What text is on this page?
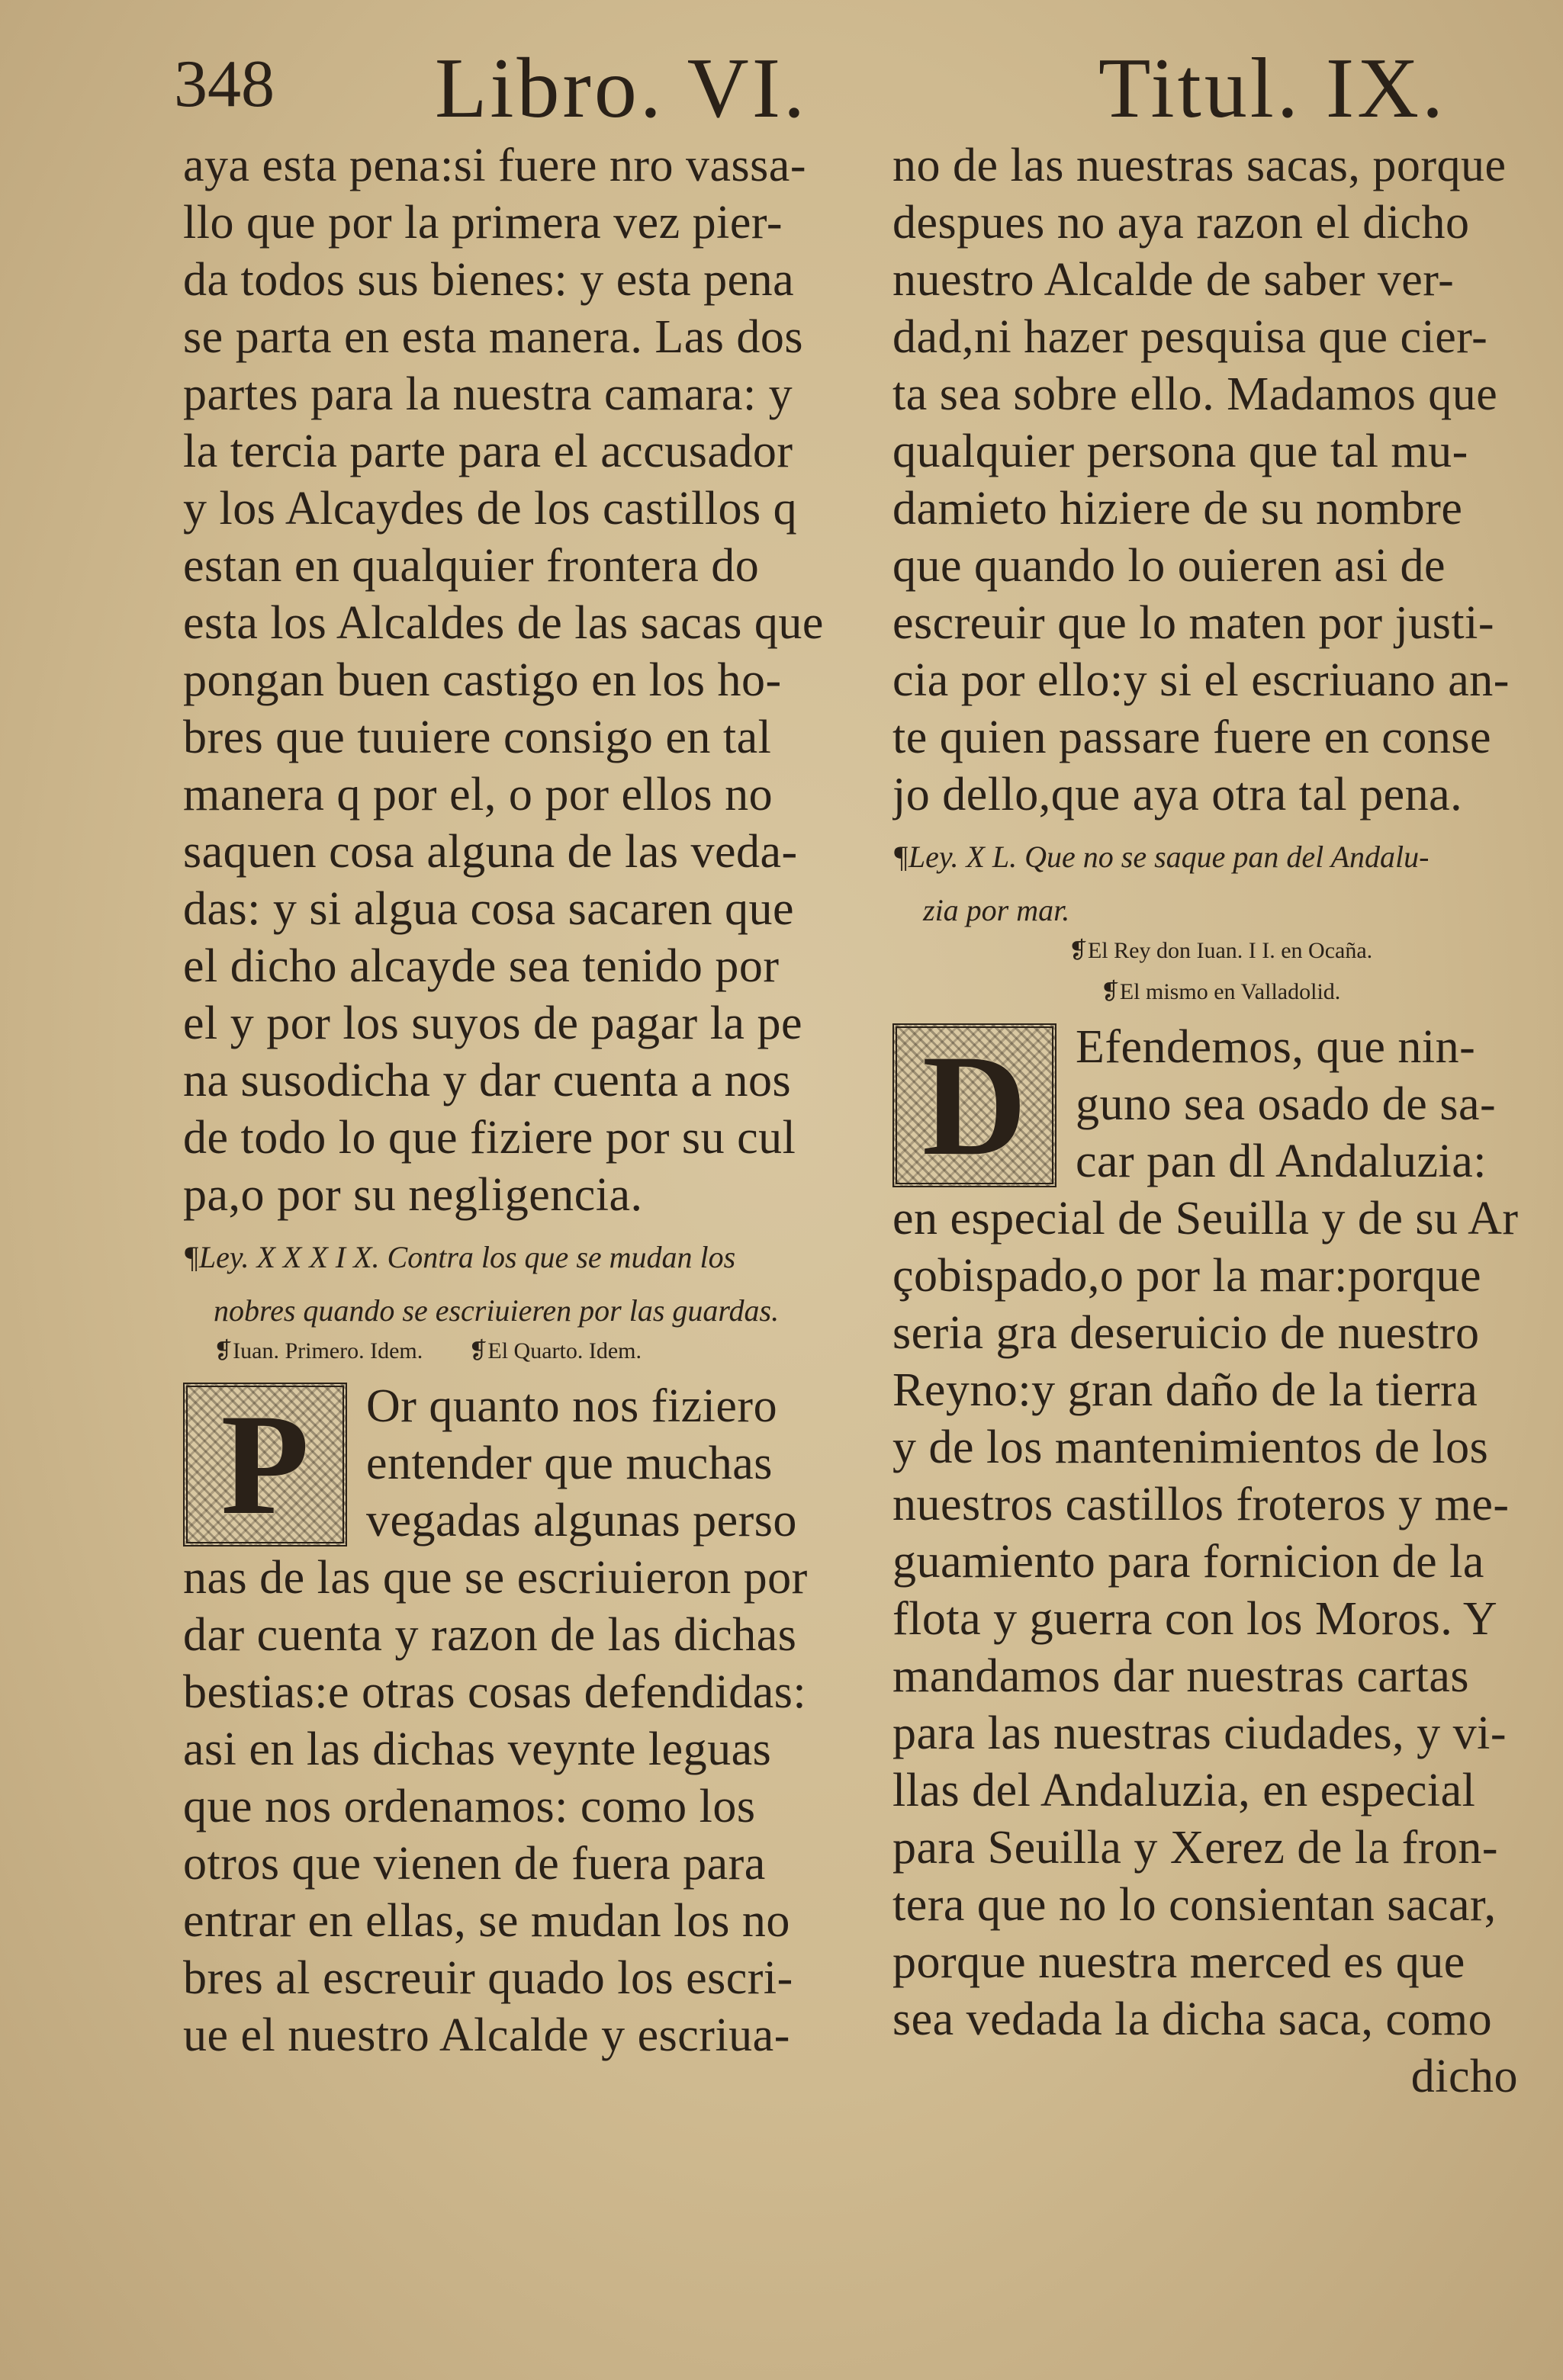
348 Libro. VI.	Titul. IX.
aya esta pena:si fuere nro vassa-
llo que por la primera vez pier-
da todos sus bienes: y esta pena
se parta en esta manera. Las dos
partes para la nuestra camara: y
la tercia parte para el accusador
y los Alcaydes de los castillos q
estan en qualquier frontera do
esta los Alcaldes de las sacas que
pongan buen castigo en los ho-
bres que tuuiere consigo en tal
manera q por el, o por ellos no
saquen cosa alguna de las veda-
das: y si algua cosa sacaren que
el dicho alcayde sea tenido por
el y por los suyos de pagar la pe
na susodicha y dar cuenta a nos
de todo lo que fiziere por su cul
pa,o por su negligencia.
¶Ley. X X X I X. Contra los que se mudan los
nobres quando se escriuieren por las guardas.
❡Iuan. Primero. Idem. ❡El Quarto. Idem.
P	Or quanto nos fiziero
entender que muchas
vegadas algunas perso
nas de las que se escriuieron por
dar cuenta y razon de las dichas
bestias:e otras cosas defendidas:
asi en las dichas veynte leguas
que nos ordenamos: como los
otros que vienen de fuera para
entrar en ellas, se mudan los no
bres al escreuir quado los escri-
ue el nuestro Alcalde y escriua-
no de las nuestras sacas, porque
despues no aya razon el dicho
nuestro Alcalde de saber ver-
dad,ni hazer pesquisa que cier-
ta sea sobre ello. Madamos que
qualquier persona que tal mu-
damieto hiziere de su nombre
que quando lo ouieren asi de
escreuir que lo maten por justi-
cia por ello:y si el escriuano an-
te quien passare fuere en conse
jo dello,que aya otra tal pena.
¶Ley. X L. Que no se saque pan del Andalu-
zia por mar.
❡El Rey don Iuan. I I. en Ocaña.
❡El mismo en Valladolid.
D	Efendemos, que nin-
guno sea osado de sa-
car pan dl Andaluzia:
en especial de Seuilla y de su Ar
çobispado,o por la mar:porque
seria gra deseruicio de nuestro
Reyno:y gran daño de la tierra
y de los mantenimientos de los
nuestros castillos froteros y me-
guamiento para fornicion de la
flota y guerra con los Moros. Y
mandamos dar nuestras cartas
para las nuestras ciudades, y vi-
llas del Andaluzia, en especial
para Seuilla y Xerez de la fron-
tera que no lo consientan sacar,
porque nuestra merced es que
sea vedada la dicha saca, como
dicho
